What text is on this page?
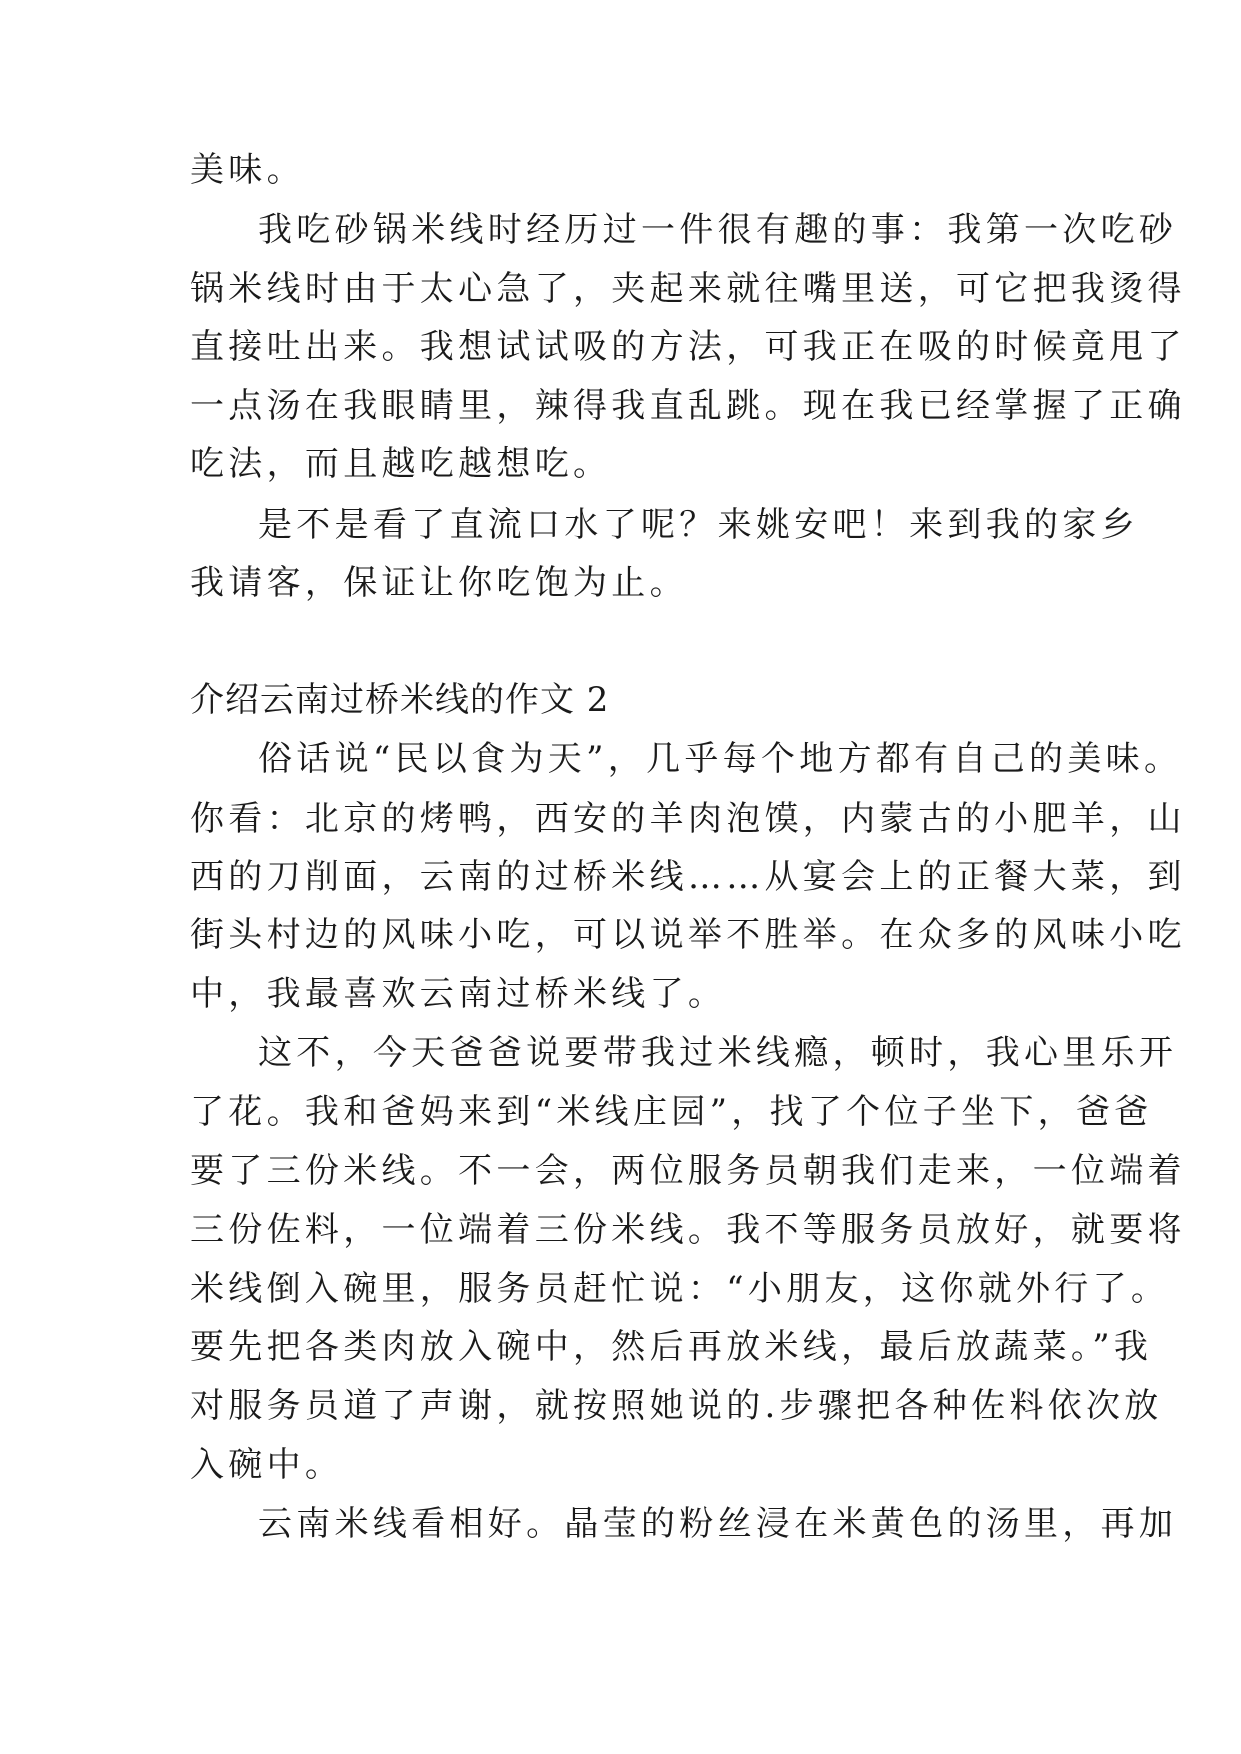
美味。
我吃砂锅米线时经历过一件很有趣的事：我第一次吃砂
锅米线时由于太心急了，夹起来就往嘴里送，可它把我烫得
直接吐出来。我想试试吸的方法，可我正在吸的时候竟甩了
一点汤在我眼睛里，辣得我直乱跳。现在我已经掌握了正确
吃法，而且越吃越想吃。
是不是看了直流口水了呢？来姚安吧！来到我的家乡
我请客，保证让你吃饱为止。
介绍云南过桥米线的作文 2
俗话说“民以食为天”，几乎每个地方都有自己的美味。
你看：北京的烤鸭，西安的羊肉泡馍，内蒙古的小肥羊，山
西的刀削面，云南的过桥米线……从宴会上的正餐大菜，到
街头村边的风味小吃，可以说举不胜举。在众多的风味小吃
中，我最喜欢云南过桥米线了。
这不，今天爸爸说要带我过米线瘾，顿时，我心里乐开
了花。我和爸妈来到“米线庄园”，找了个位子坐下，爸爸
要了三份米线。不一会，两位服务员朝我们走来，一位端着
三份佐料，一位端着三份米线。我不等服务员放好，就要将
米线倒入碗里，服务员赶忙说：“小朋友，这你就外行了。
要先把各类肉放入碗中，然后再放米线，最后放蔬菜。”我
对服务员道了声谢，就按照她说的.步骤把各种佐料依次放
入碗中。
云南米线看相好。晶莹的粉丝浸在米黄色的汤里，再加
